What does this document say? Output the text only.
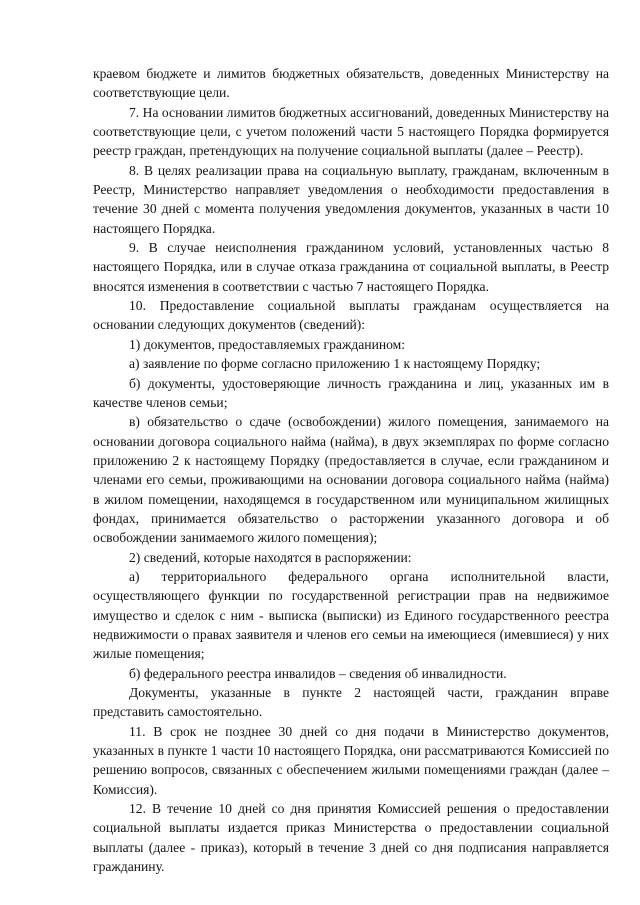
краевом бюджете и лимитов бюджетных обязательств, доведенных Министерству на соответствующие цели.

7. На основании лимитов бюджетных ассигнований, доведенных Министерству на соответствующие цели, с учетом положений части 5 настоящего Порядка формируется реестр граждан, претендующих на получение социальной выплаты (далее – Реестр).

8. В целях реализации права на социальную выплату, гражданам, включенным в Реестр, Министерство направляет уведомления о необходимости предоставления в течение 30 дней с момента получения уведомления документов, указанных в части 10 настоящего Порядка.

9. В случае неисполнения гражданином условий, установленных частью 8 настоящего Порядка, или в случае отказа гражданина от социальной выплаты, в Реестр вносятся изменения в соответствии с частью 7 настоящего Порядка.

10. Предоставление социальной выплаты гражданам осуществляется на основании следующих документов (сведений):

1) документов, предоставляемых гражданином:

а) заявление по форме согласно приложению 1 к настоящему Порядку;

б) документы, удостоверяющие личность гражданина и лиц, указанных им в качестве членов семьи;

в) обязательство о сдаче (освобождении) жилого помещения, занимаемого на основании договора социального найма (найма), в двух экземплярах по форме согласно приложению 2 к настоящему Порядку (предоставляется в случае, если гражданином и членами его семьи, проживающими на основании договора социального найма (найма) в жилом помещении, находящемся в государственном или муниципальном жилищных фондах, принимается обязательство о расторжении указанного договора и об освобождении занимаемого жилого помещения);

2) сведений, которые находятся в распоряжении:

а) территориального федерального органа исполнительной власти, осуществляющего функции по государственной регистрации прав на недвижимое имущество и сделок с ним - выписка (выписки) из Единого государственного реестра недвижимости о правах заявителя и членов его семьи на имеющиеся (имевшиеся) у них жилые помещения;

б) федерального реестра инвалидов – сведения об инвалидности.

Документы, указанные в пункте 2 настоящей части, гражданин вправе представить самостоятельно.

11. В срок не позднее 30 дней со дня подачи в Министерство документов, указанных в пункте 1 части 10 настоящего Порядка, они рассматриваются Комиссией по решению вопросов, связанных с обеспечением жилыми помещениями граждан (далее – Комиссия).

12. В течение 10 дней со дня принятия Комиссией решения о предоставлении социальной выплаты издается приказ Министерства о предоставлении социальной выплаты (далее - приказ), который в течение 3 дней со дня подписания направляется гражданину.
